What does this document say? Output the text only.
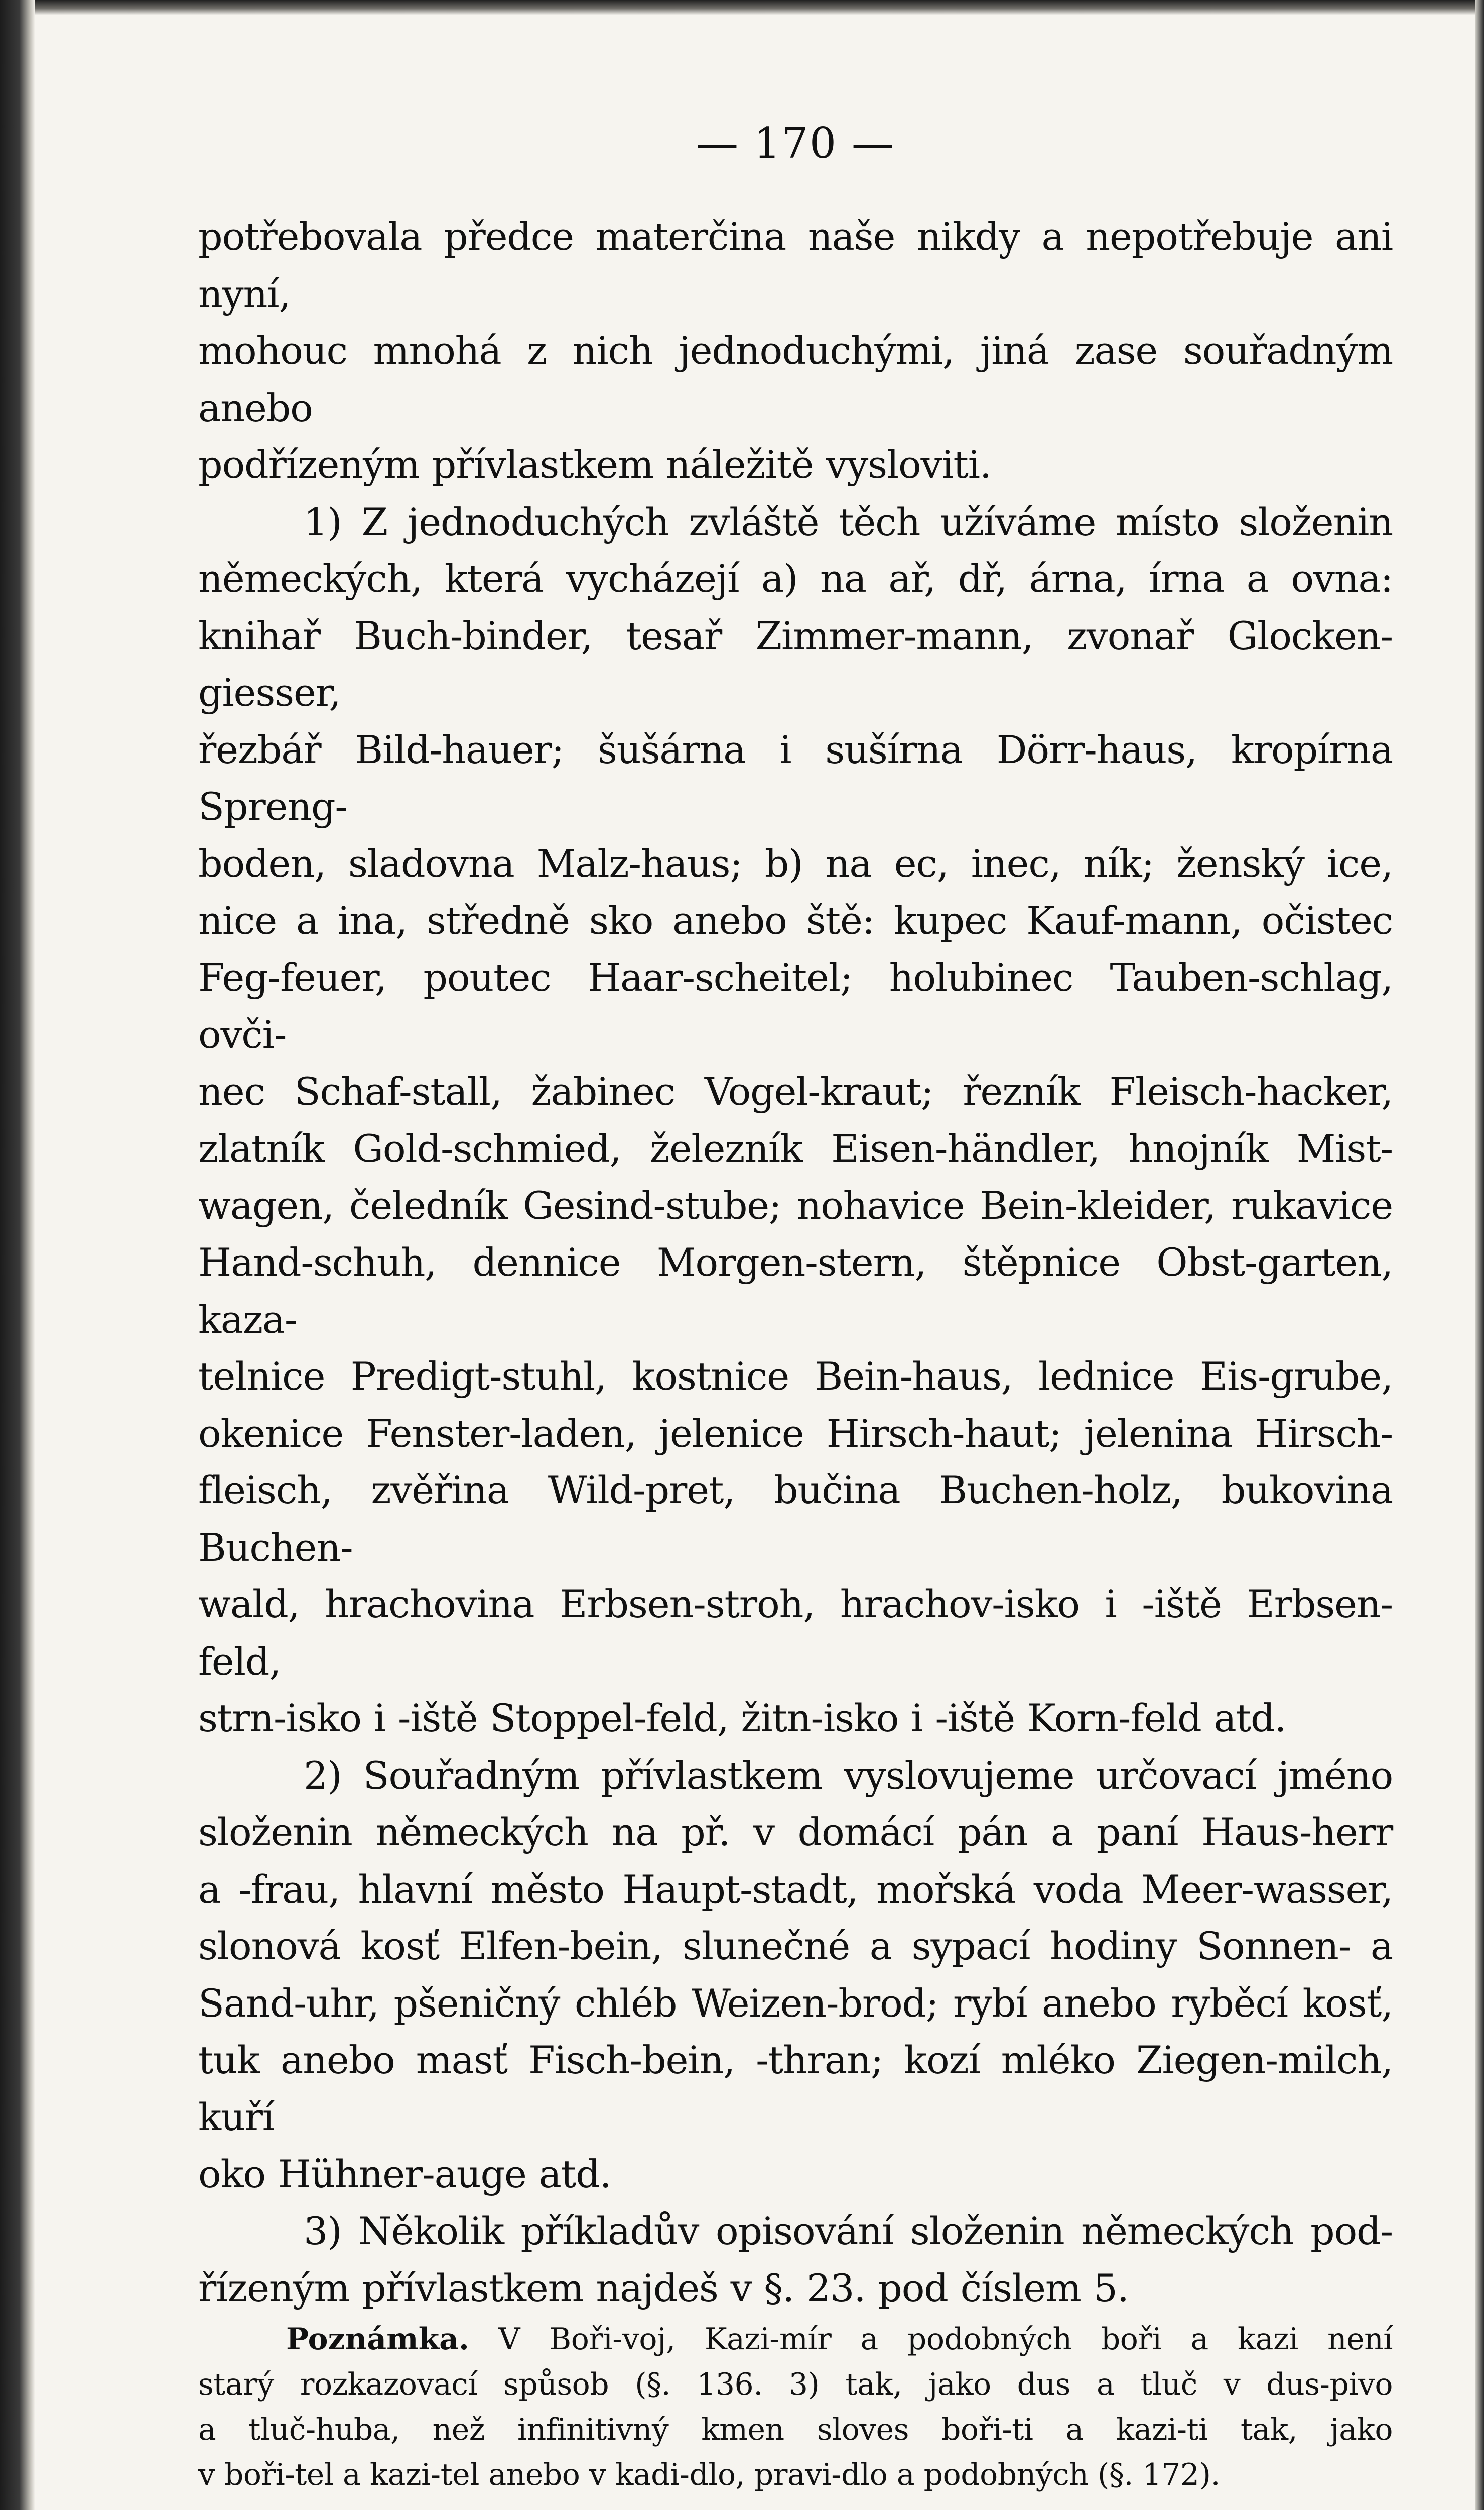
— 170 —

potřebovala předce materčina naše nikdy a nepotřebuje ani nyní,

mohouc mnohá z nich jednoduchými, jiná zase souřadným anebo

podřízeným přívlastkem náležitě vysloviti.

1) Z jednoduchých zvláště těch užíváme místo složenin

německých, která vycházejí a) na ař, dř, árna, írna a ovna:

knihař Buch-binder, tesař Zimmer-mann, zvonař Glocken-giesser,

řezbář Bild-hauer; šušárna i sušírna Dörr-haus, kropírna Spreng-

boden, sladovna Malz-haus; b) na ec, inec, ník; ženský ice,

nice a ina, středně sko anebo ště: kupec Kauf-mann, očistec

Feg-feuer, poutec Haar-scheitel; holubinec Tauben-schlag, ovči-

nec Schaf-stall, žabinec Vogel-kraut; řezník Fleisch-hacker,

zlatník Gold-schmied, železník Eisen-händler, hnojník Mist-

wagen, čeledník Gesind-stube; nohavice Bein-kleider, rukavice

Hand-schuh, dennice Morgen-stern, štěpnice Obst-garten, kaza-

telnice Predigt-stuhl, kostnice Bein-haus, lednice Eis-grube,

okenice Fenster-laden, jelenice Hirsch-haut; jelenina Hirsch-

fleisch, zvěřina Wild-pret, bučina Buchen-holz, bukovina Buchen-

wald, hrachovina Erbsen-stroh, hrachov-isko i -iště Erbsen-feld,

strn-isko i -iště Stoppel-feld, žitn-isko i -iště Korn-feld atd.

2) Souřadným přívlastkem vyslovujeme určovací jméno

složenin německých na př. v domácí pán a paní Haus-herr

a -frau, hlavní město Haupt-stadt, mořská voda Meer-wasser,

slonová kosť Elfen-bein, slunečné a sypací hodiny Sonnen- a

Sand-uhr, pšeničný chléb Weizen-brod; rybí anebo ryběcí kosť,

tuk anebo masť Fisch-bein, -thran; kozí mléko Ziegen-milch, kuří

oko Hühner-auge atd.

3) Několik příkladův opisování složenin německých pod-

řízeným přívlastkem najdeš v §. 23. pod číslem 5.

Poznámka. V Boři-voj, Kazi-mír a podobných boři a kazi není

starý rozkazovací spůsob (§. 136. 3) tak, jako dus a tluč v dus-pivo

a tluč-huba, než infinitivný kmen sloves boři-ti a kazi-ti tak, jako

v boři-tel a kazi-tel anebo v kadi-dlo, pravi-dlo a podobných (§. 172).
